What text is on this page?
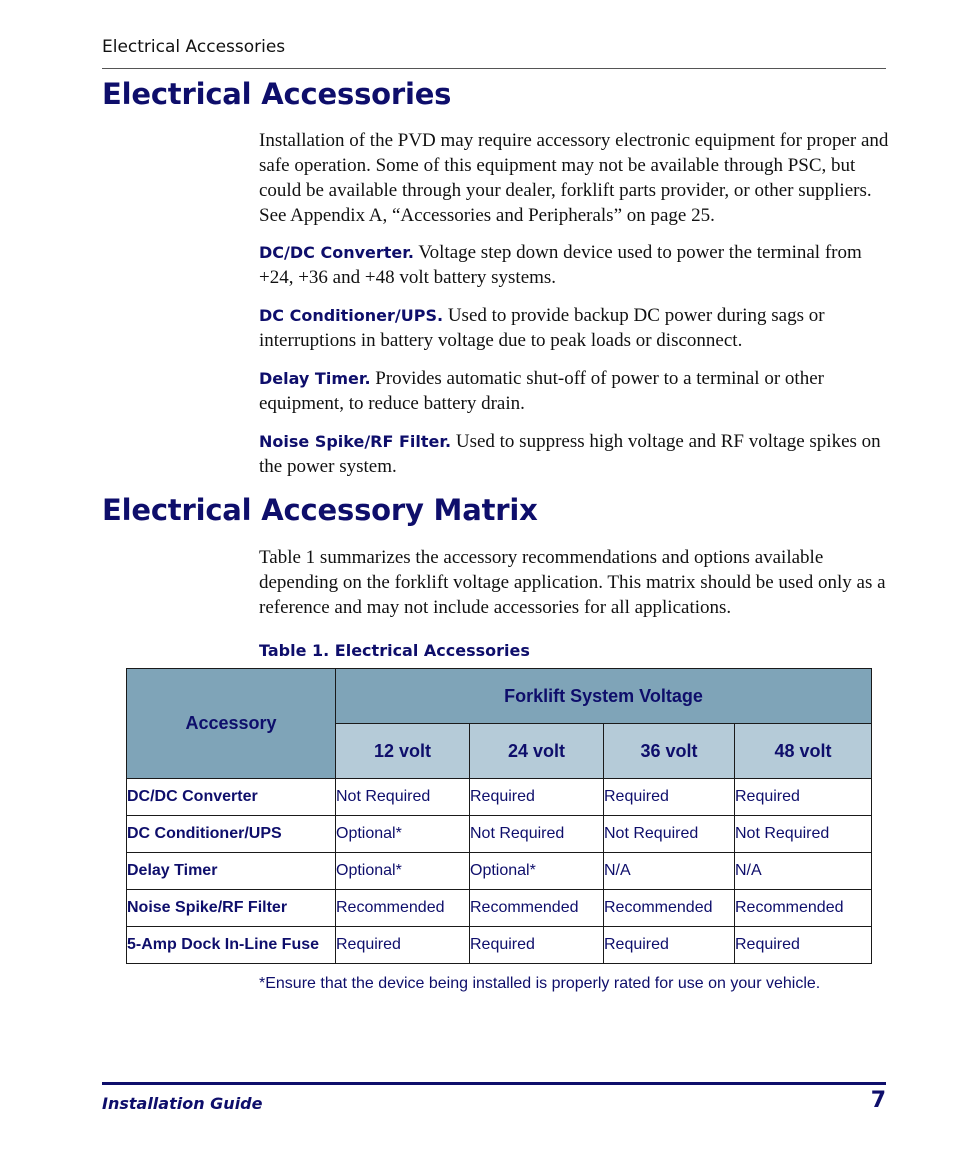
Electrical Accessories
Electrical Accessories

Installation of the PVD may require accessory electronic equipment for proper and safe operation. Some of this equipment may not be available through PSC, but could be available through your dealer, forklift parts provider, or other suppliers. See Appendix A, “Accessories and Peripherals” on page 25.

DC/DC Converter. Voltage step down device used to power the terminal from +24, +36 and +48 volt battery systems.

DC Conditioner/UPS. Used to provide backup DC power during sags or interruptions in battery voltage due to peak loads or disconnect.

Delay Timer. Provides automatic shut-off of power to a terminal or other equipment, to reduce battery drain.

Noise Spike/RF Filter. Used to suppress high voltage and RF voltage spikes on the power system.

Electrical Accessory Matrix

Table 1 summarizes the accessory recommendations and options available depending on the forklift voltage application. This matrix should be used only as a reference and may not include accessories for all applications.

Table 1. Electrical Accessories
Accessory	Forklift System Voltage			
	12 volt	24 volt	36 volt	48 volt
DC/DC Converter	Not Required	Required	Required	Required
DC Conditioner/UPS	Optional*	Not Required	Not Required	Not Required
Delay Timer	Optional*	Optional*	N/A	N/A
Noise Spike/RF Filter	Recommended	Recommended	Recommended	Recommended
5-Amp Dock In-Line Fuse	Required	Required	Required	Required
*Ensure that the device being installed is properly rated for use on your vehicle.
Installation Guide	7
